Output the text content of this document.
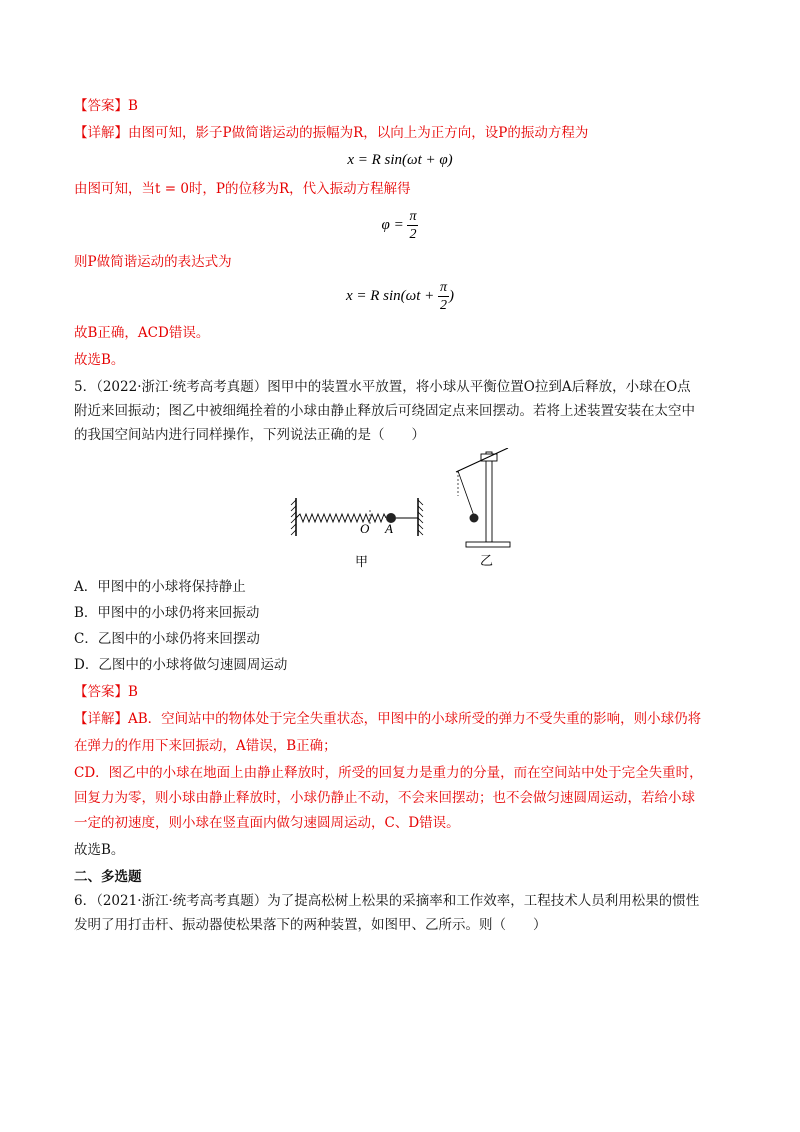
【答案】B
【详解】由图可知，影子P做简谐运动的振幅为R，以向上为正方向，设P的振动方程为
x = R sin(ωt + φ)
由图可知，当t = 0时，P的位移为R，代入振动方程解得
$\varphi = \frac{\pi}{2}$
则P做简谐运动的表达式为
x = R $\sin(\omega t + \frac{\pi}{2}$ )
故B正确，ACD错误。
故选B。
5．（2022·浙江·统考高考真题）图甲中的装置水平放置，将小球从平衡位置O拉到A后释放，小球在O点
附近来回振动；图乙中被细绳拴着的小球由静止释放后可绕固定点来回摆动。若将上述装置安装在太空中
的我国空间站内进行同样操作，下列说法正确的是（　　）
O A
甲	乙
A．甲图中的小球将保持静止
B．甲图中的小球仍将来回振动
C．乙图中的小球仍将来回摆动
D．乙图中的小球将做匀速圆周运动
【答案】B
【详解】AB．空间站中的物体处于完全失重状态，甲图中的小球所受的弹力不受失重的影响，则小球仍将
在弹力的作用下来回振动，A错误，B正确；
CD．图乙中的小球在地面上由静止释放时，所受的回复力是重力的分量，而在空间站中处于完全失重时，
回复力为零，则小球由静止释放时，小球仍静止不动，不会来回摆动；也不会做匀速圆周运动，若给小球
一定的初速度，则小球在竖直面内做匀速圆周运动，C、D错误。
故选B。
二、多选题
6．（2021·浙江·统考高考真题）为了提高松树上松果的采摘率和工作效率，工程技术人员利用松果的惯性
发明了用打击杆、振动器使松果落下的两种装置，如图甲、乙所示。则（　　）
